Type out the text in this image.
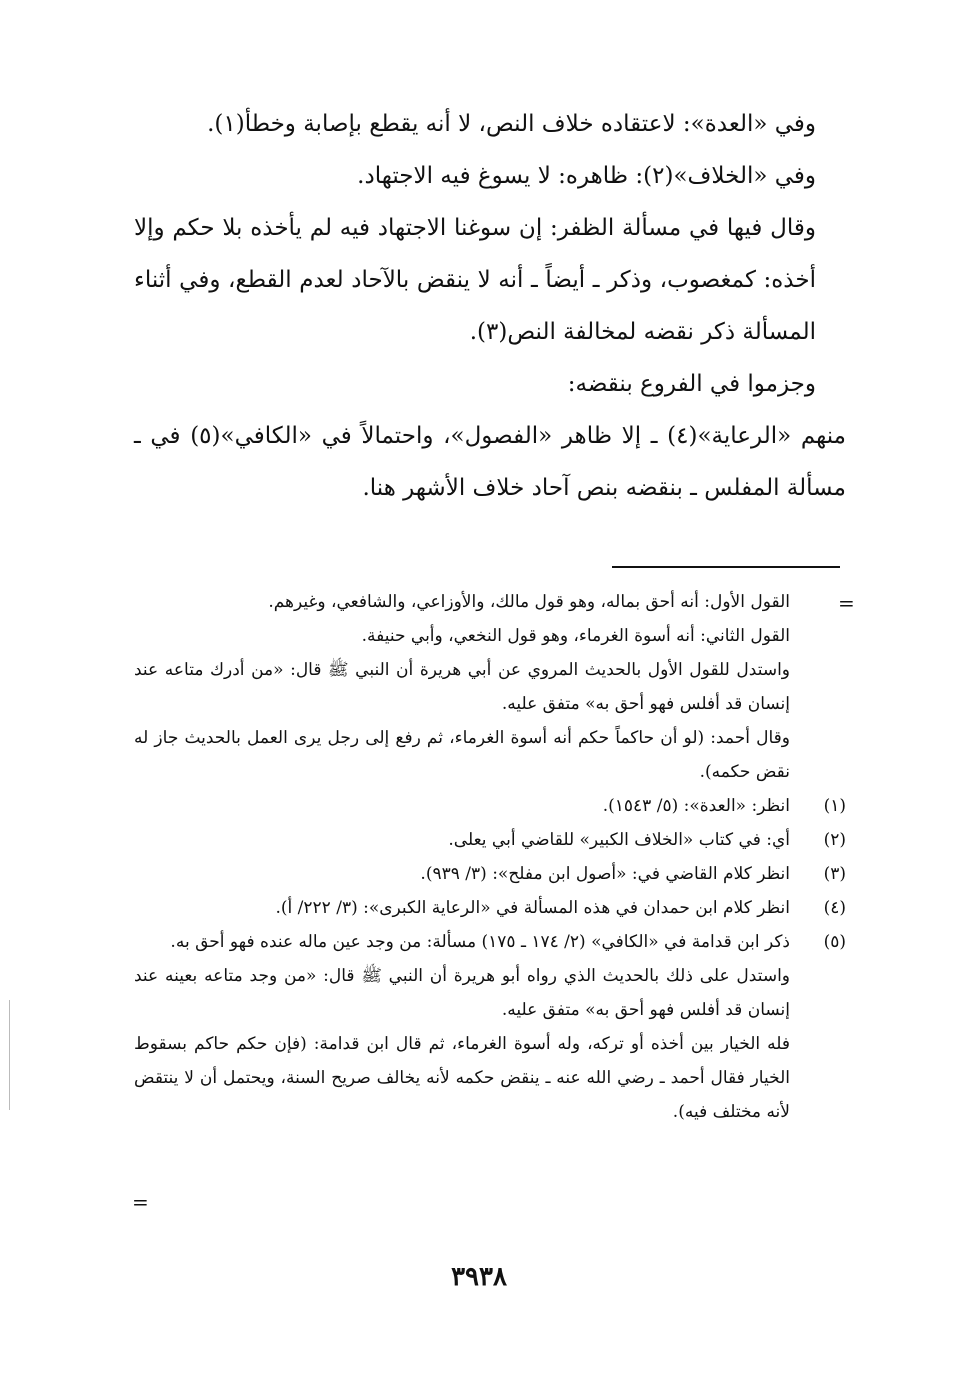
وفي «العدة»: لاعتقاده خلاف النص، لا أنه يقطع بإصابة وخطأ(١).

وفي «الخلاف»(٢): ظاهره: لا يسوغ فيه الاجتهاد.

وقال فيها في مسألة الظفر: إن سوغنا الاجتهاد فيه لم يأخذه بلا حكم وإلا أخذه: كمغصوب، وذكر ـ أيضاً ـ أنه لا ينقض بالآحاد لعدم القطع، وفي أثناء المسألة ذكر نقضه لمخالفة النص(٣).

وجزموا في الفروع بنقضه:

منهم «الرعاية»(٤) ـ إلا ظاهر «الفصول»، واحتمالاً في «الكافي»(٥) في ـ مسألة المفلس ـ بنقضه بنص آحاد خلاف الأشهر هنا.

=

القول الأول: أنه أحق بماله، وهو قول مالك، والأوزاعي، والشافعي، وغيرهم.

القول الثاني: أنه أسوة الغرماء، وهو قول النخعي، وأبي حنيفة.

واستدل للقول الأول بالحديث المروي عن أبي هريرة أن النبي ﷺ قال: «من أدرك متاعه عند إنسان قد أفلس فهو أحق به» متفق عليه.

وقال أحمد: (لو أن حاكماً حكم أنه أسوة الغرماء، ثم رفع إلى رجل يرى العمل بالحديث جاز له نقض حكمه).

(١)
انظر: «العدة»: (٥/ ١٥٤٣).
(٢)
أي: في كتاب «الخلاف الكبير» للقاضي أبي يعلى.
(٣)
انظر كلام القاضي في: «أصول ابن مفلح»: (٣/ ٩٣٩).
(٤)
انظر كلام ابن حمدان في هذه المسألة في «الرعاية الكبرى»: (٣/ ٢٢٢/ أ).
(٥)
ذكر ابن قدامة في «الكافي» (٢/ ١٧٤ ـ ١٧٥) مسألة: من وجد عين ماله عنده فهو أحق به.

واستدل على ذلك بالحديث الذي رواه أبو هريرة أن النبي ﷺ قال: «من وجد متاعه بعينه عند إنسان قد أفلس فهو أحق به» متفق عليه.

فله الخيار بين أخذه أو تركه، وله أسوة الغرماء، ثم قال ابن قدامة: (فإن حكم حاكم بسقوط الخيار فقال أحمد ـ رضي الله عنه ـ ينقض حكمه لأنه يخالف صريح السنة، ويحتمل أن لا ينتقض لأنه مختلف فيه).

=
٣٩٣٨
